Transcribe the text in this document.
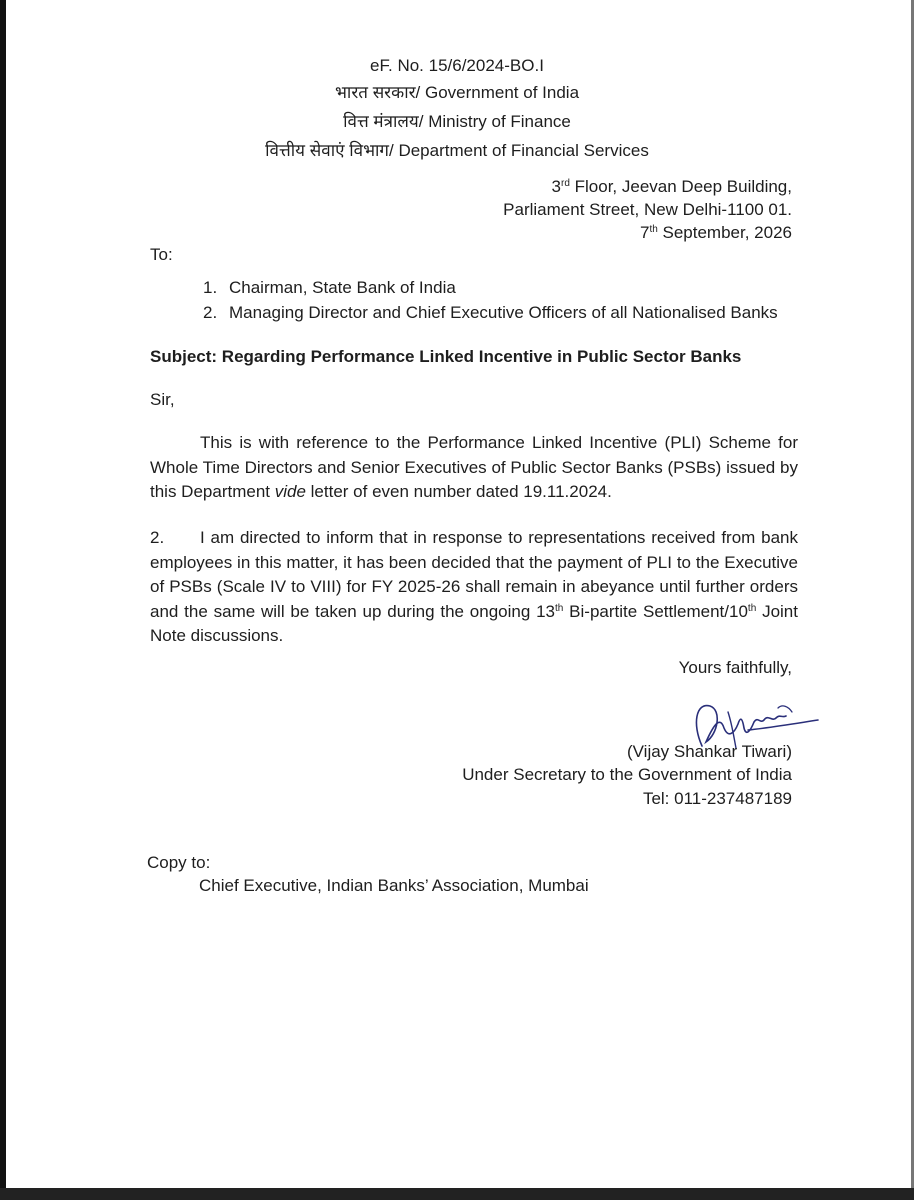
eF. No. 15/6/2024-BO.I
भारत सरकार/ Government of India
वित्त मंत्रालय/ Ministry of Finance
वित्तीय सेवाएं विभाग/ Department of Financial Services
3rd Floor, Jeevan Deep Building,
Parliament Street, New Delhi-1100 01.
7th September, 2026
To:
1. Chairman, State Bank of India
2. Managing Director and Chief Executive Officers of all Nationalised Banks
Subject: Regarding Performance Linked Incentive in Public Sector Banks
Sir,
This is with reference to the Performance Linked Incentive (PLI) Scheme for Whole Time Directors and Senior Executives of Public Sector Banks (PSBs) issued by this Department vide letter of even number dated 19.11.2024.
2. I am directed to inform that in response to representations received from bank employees in this matter, it has been decided that the payment of PLI to the Executive of PSBs (Scale IV to VIII) for FY 2025-26 shall remain in abeyance until further orders and the same will be taken up during the ongoing 13th Bi-partite Settlement/10th Joint Note discussions.
Yours faithfully,
(Vijay Shankar Tiwari)
Under Secretary to the Government of India
Tel: 011-237487189
Copy to:
Chief Executive, Indian Banks’ Association, Mumbai
